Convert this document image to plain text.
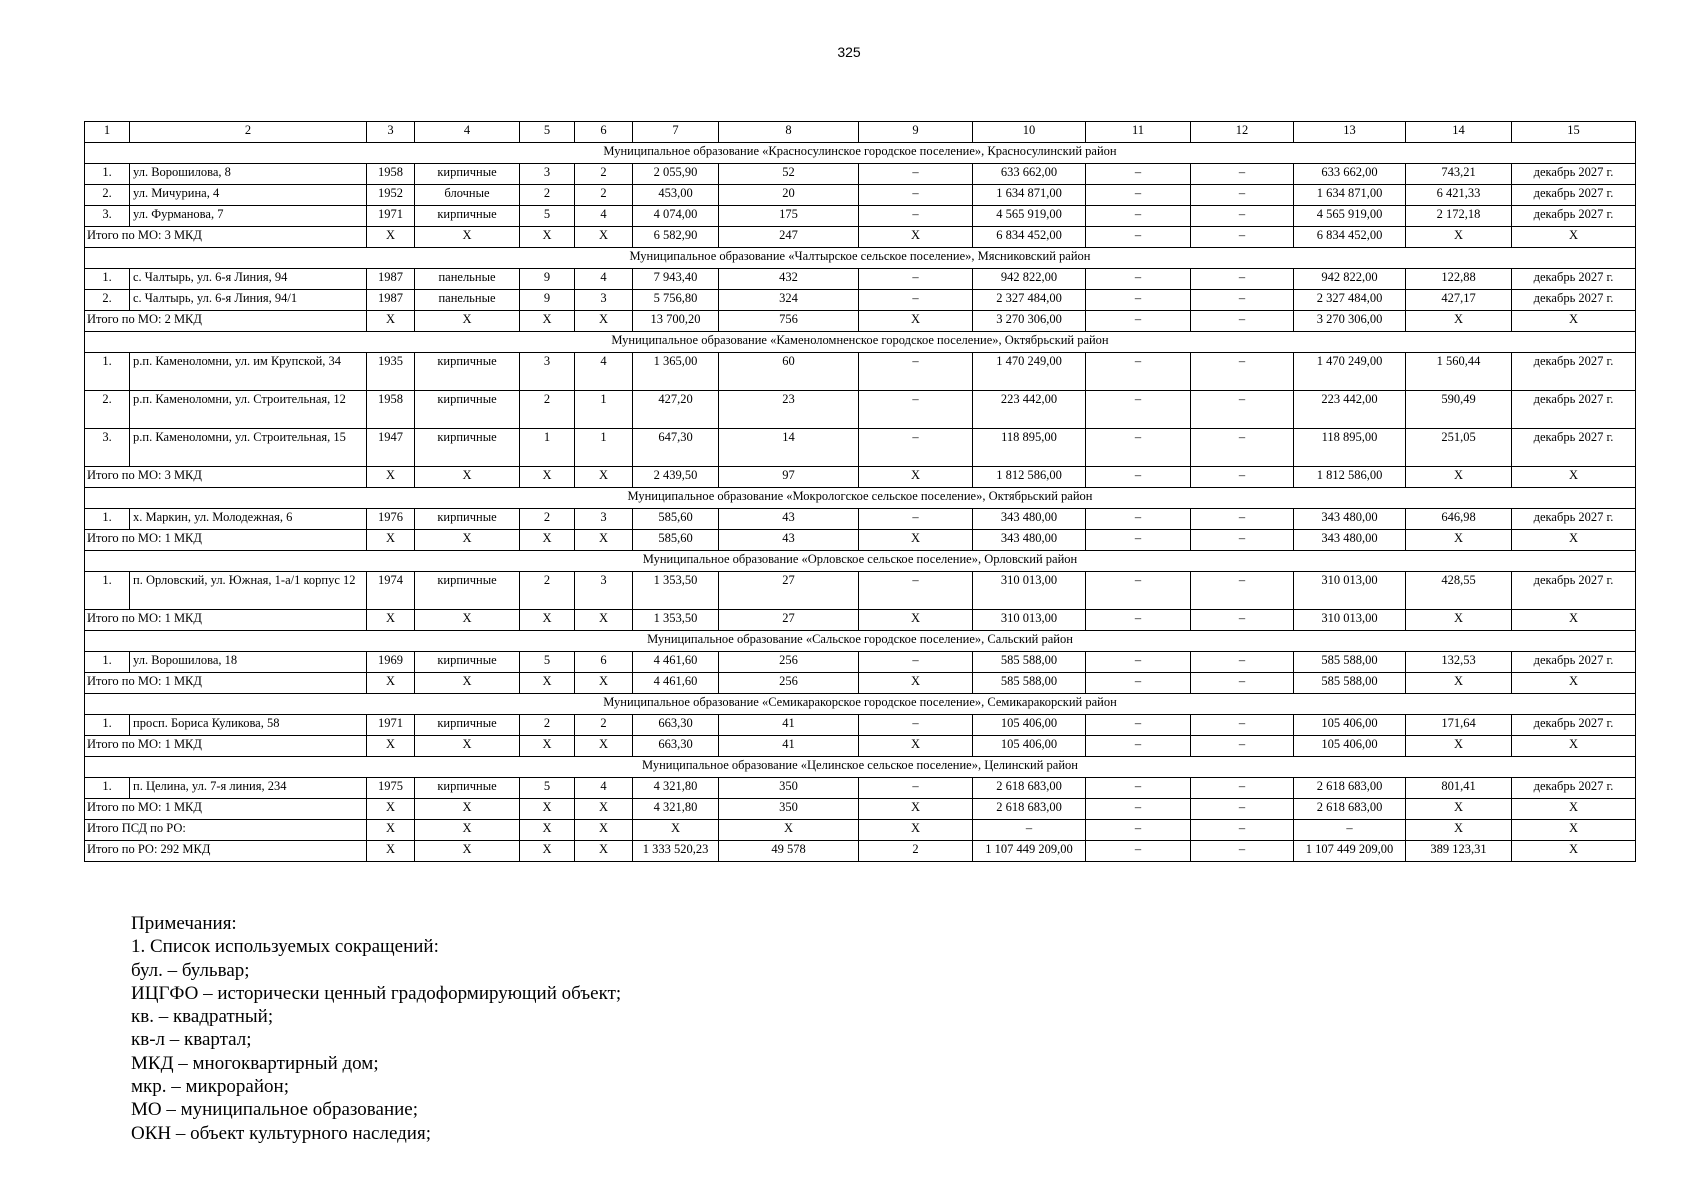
325
1	2	3	4	5	6	7	8	9	10	11	12	13	14	15
Муниципальное образование «Красносулинское городское поселение», Красносулинский район														
1.	ул. Ворошилова, 8	1958	кирпичные	3	2	2 055,90	52	–	633 662,00	–	–	633 662,00	743,21	декабрь 2027 г.
2.	ул. Мичурина, 4	1952	блочные	2	2	453,00	20	–	1 634 871,00	–	–	1 634 871,00	6 421,33	декабрь 2027 г.
3.	ул. Фурманова, 7	1971	кирпичные	5	4	4 074,00	175	–	4 565 919,00	–	–	4 565 919,00	2 172,18	декабрь 2027 г.
Итого по МО: 3 МКД		X	X	X	X	6 582,90	247	X	6 834 452,00	–	–	6 834 452,00	X	X
Муниципальное образование «Чалтырское сельское поселение», Мясниковский район														
1.	с. Чалтырь, ул. 6-я Линия, 94	1987	панельные	9	4	7 943,40	432	–	942 822,00	–	–	942 822,00	122,88	декабрь 2027 г.
2.	с. Чалтырь, ул. 6-я Линия, 94/1	1987	панельные	9	3	5 756,80	324	–	2 327 484,00	–	–	2 327 484,00	427,17	декабрь 2027 г.
Итого по МО: 2 МКД		X	X	X	X	13 700,20	756	X	3 270 306,00	–	–	3 270 306,00	X	X
Муниципальное образование «Каменоломненское городское поселение», Октябрьский район														
1.	р.п. Каменоломни, ул. им Крупской, 34	1935	кирпичные	3	4	1 365,00	60	–	1 470 249,00	–	–	1 470 249,00	1 560,44	декабрь 2027 г.
2.	р.п. Каменоломни, ул. Строительная, 12	1958	кирпичные	2	1	427,20	23	–	223 442,00	–	–	223 442,00	590,49	декабрь 2027 г.
3.	р.п. Каменоломни, ул. Строительная, 15	1947	кирпичные	1	1	647,30	14	–	118 895,00	–	–	118 895,00	251,05	декабрь 2027 г.
Итого по МО: 3 МКД		X	X	X	X	2 439,50	97	X	1 812 586,00	–	–	1 812 586,00	X	X
Муниципальное образование «Мокрологское сельское поселение», Октябрьский район														
1.	х. Маркин, ул. Молодежная, 6	1976	кирпичные	2	3	585,60	43	–	343 480,00	–	–	343 480,00	646,98	декабрь 2027 г.
Итого по МО: 1 МКД		X	X	X	X	585,60	43	X	343 480,00	–	–	343 480,00	X	X
Муниципальное образование «Орловское сельское поселение», Орловский район														
1.	п. Орловский, ул. Южная, 1-а/1 корпус 12	1974	кирпичные	2	3	1 353,50	27	–	310 013,00	–	–	310 013,00	428,55	декабрь 2027 г.
Итого по МО: 1 МКД		X	X	X	X	1 353,50	27	X	310 013,00	–	–	310 013,00	X	X
Муниципальное образование «Сальское городское поселение», Сальский район														
1.	ул. Ворошилова, 18	1969	кирпичные	5	6	4 461,60	256	–	585 588,00	–	–	585 588,00	132,53	декабрь 2027 г.
Итого по МО: 1 МКД		X	X	X	X	4 461,60	256	X	585 588,00	–	–	585 588,00	X	X
Муниципальное образование «Семикаракорское городское поселение», Семикаракорский район														
1.	просп. Бориса Куликова, 58	1971	кирпичные	2	2	663,30	41	–	105 406,00	–	–	105 406,00	171,64	декабрь 2027 г.
Итого по МО: 1 МКД		X	X	X	X	663,30	41	X	105 406,00	–	–	105 406,00	X	X
Муниципальное образование «Целинское сельское поселение», Целинский район														
1.	п. Целина, ул. 7-я линия, 234	1975	кирпичные	5	4	4 321,80	350	–	2 618 683,00	–	–	2 618 683,00	801,41	декабрь 2027 г.
Итого по МО: 1 МКД		X	X	X	X	4 321,80	350	X	2 618 683,00	–	–	2 618 683,00	X	X
Итого ПСД по РО:		X	X	X	X	X	X	X	–	–	–	–	X	X
Итого по РО: 292 МКД		X	X	X	X	1 333 520,23	49 578	2	1 107 449 209,00	–	–	1 107 449 209,00	389 123,31	X
Примечания:
1. Список используемых сокращений:
бул. – бульвар;
ИЦГФО – исторически ценный градоформирующий объект;
кв. – квадратный;
кв-л – квартал;
МКД – многоквартирный дом;
мкр. – микрорайон;
МО – муниципальное образование;
ОКН – объект культурного наследия;
